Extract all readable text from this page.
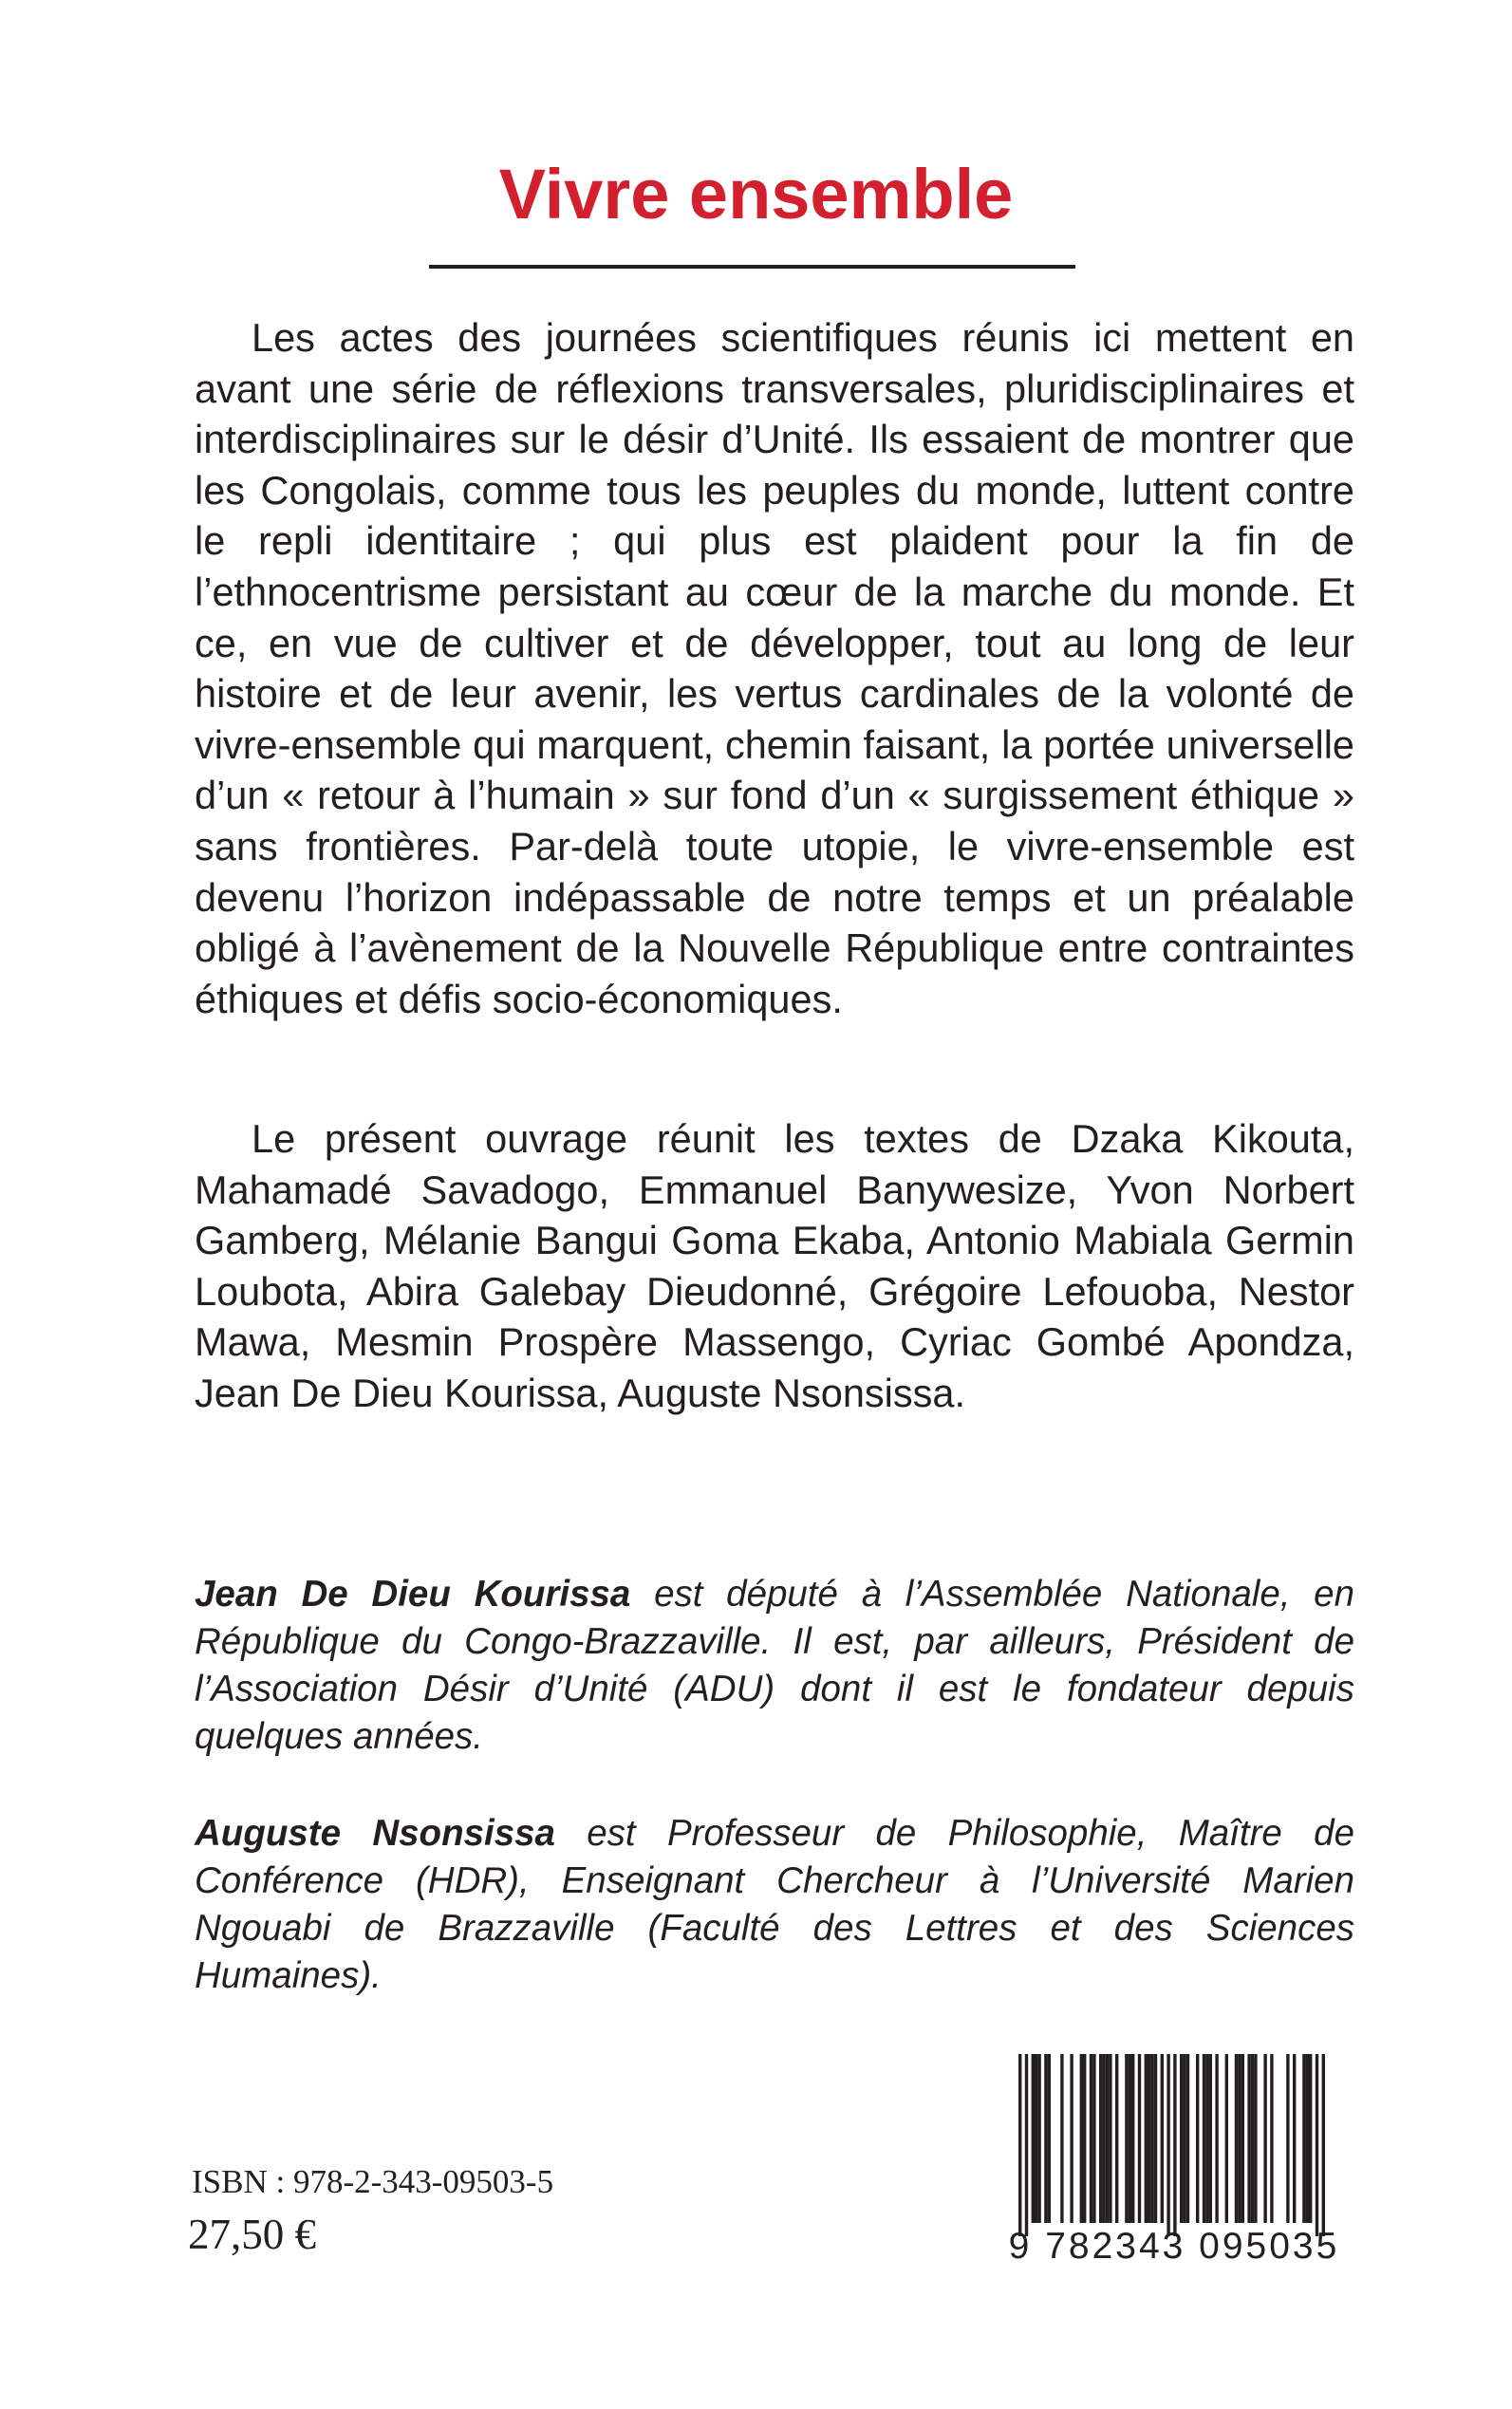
Vivre ensemble

Les actes des journées scientifiques réunis ici mettent en avant une série de réflexions transversales, pluridisciplinaires et interdisciplinaires sur le désir d’Unité. Ils essaient de montrer que les Congolais, comme tous les peuples du monde, luttent contre le repli identitaire ; qui plus est plaident pour la fin de l’ethnocentrisme persistant au cœur de la marche du monde. Et ce, en vue de cultiver et de développer, tout au long de leur histoire et de leur avenir, les vertus cardinales de la volonté de vivre-ensemble qui marquent, chemin faisant, la portée universelle d’un « retour à l’humain » sur fond d’un « surgissement éthique » sans frontières. Par-delà toute utopie, le vivre-ensemble est devenu l’horizon indépassable de notre temps et un préalable obligé à l’avènement de la Nouvelle République entre contraintes éthiques et défis socio-économiques.

Le présent ouvrage réunit les textes de Dzaka Kikouta, Mahamadé Savadogo, Emmanuel Banywesize, Yvon Norbert Gamberg, Mélanie Bangui Goma Ekaba, Antonio Mabiala Germin Loubota, Abira Galebay Dieudonné, Grégoire Lefouoba, Nestor Mawa, Mesmin Prospère Massengo, Cyriac Gombé Apondza, Jean De Dieu Kourissa, Auguste Nsonsissa.

Jean De Dieu Kourissa est député à l’Assemblée Nationale, en République du Congo-Brazzaville. Il est, par ailleurs, Président de l’Association Désir d’Unité (ADU) dont il est le fondateur depuis quelques années.

Auguste Nsonsissa est Professeur de Philosophie, Maître de Conférence (HDR), Enseignant Chercheur à l’Université Marien Ngouabi de Brazzaville (Faculté des Lettres et des Sciences Humaines).

ISBN : 978-2-343-09503-5

27,50 €	9 782343 095035
